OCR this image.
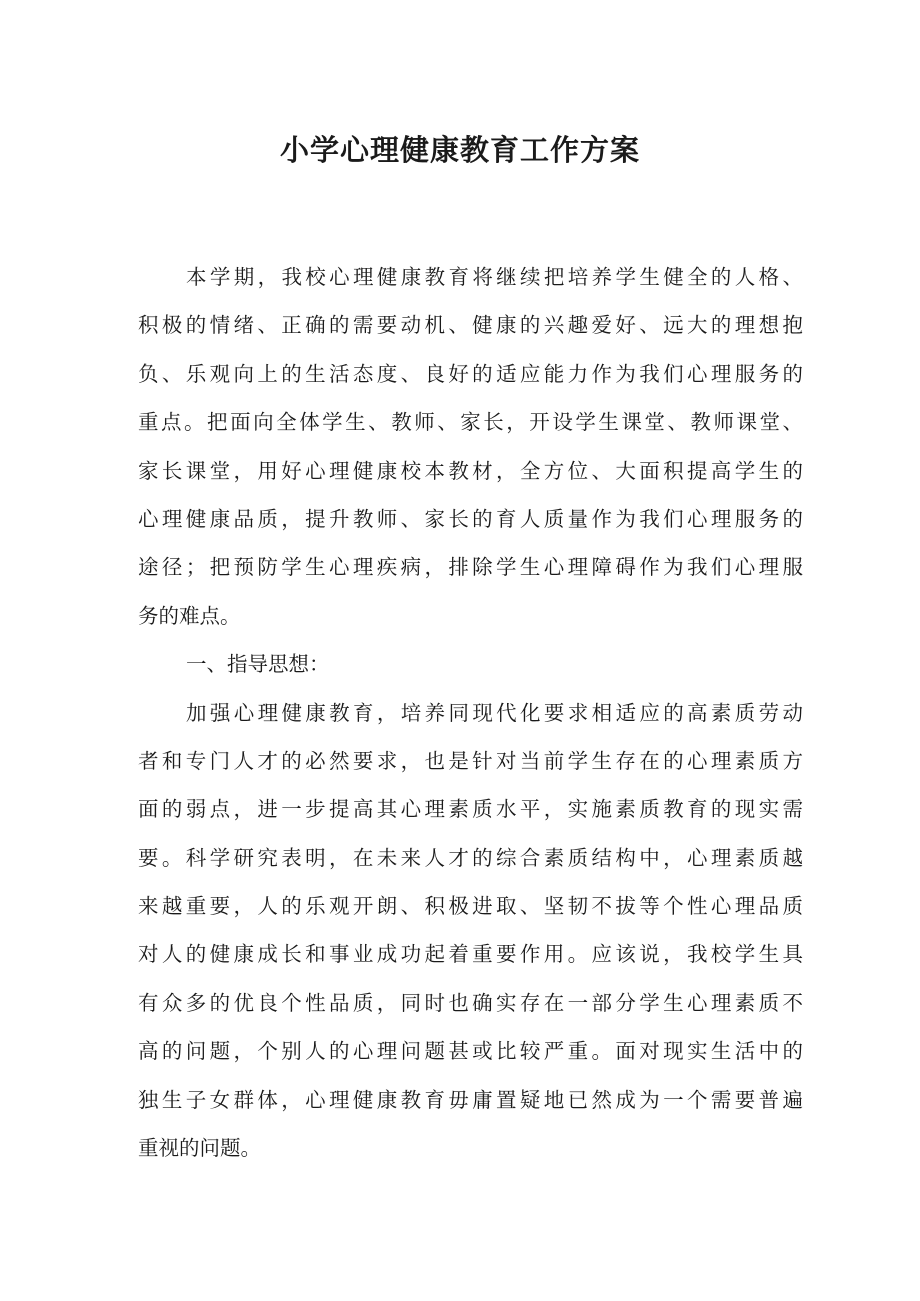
小学心理健康教育工作方案
本学期，我校心理健康教育将继续把培养学生健全的人格、
积极的情绪、正确的需要动机、健康的兴趣爱好、远大的理想抱
负、乐观向上的生活态度、良好的适应能力作为我们心理服务的
重点。把面向全体学生、教师、家长，开设学生课堂、教师课堂、
家长课堂，用好心理健康校本教材，全方位、大面积提高学生的
心理健康品质，提升教师、家长的育人质量作为我们心理服务的
途径；把预防学生心理疾病，排除学生心理障碍作为我们心理服
务的难点。
一、指导思想：
加强心理健康教育，培养同现代化要求相适应的高素质劳动
者和专门人才的必然要求，也是针对当前学生存在的心理素质方
面的弱点，进一步提高其心理素质水平，实施素质教育的现实需
要。科学研究表明，在未来人才的综合素质结构中，心理素质越
来越重要，人的乐观开朗、积极进取、坚韧不拔等个性心理品质
对人的健康成长和事业成功起着重要作用。应该说，我校学生具
有众多的优良个性品质，同时也确实存在一部分学生心理素质不
高的问题，个别人的心理问题甚或比较严重。面对现实生活中的
独生子女群体，心理健康教育毋庸置疑地已然成为一个需要普遍
重视的问题。
